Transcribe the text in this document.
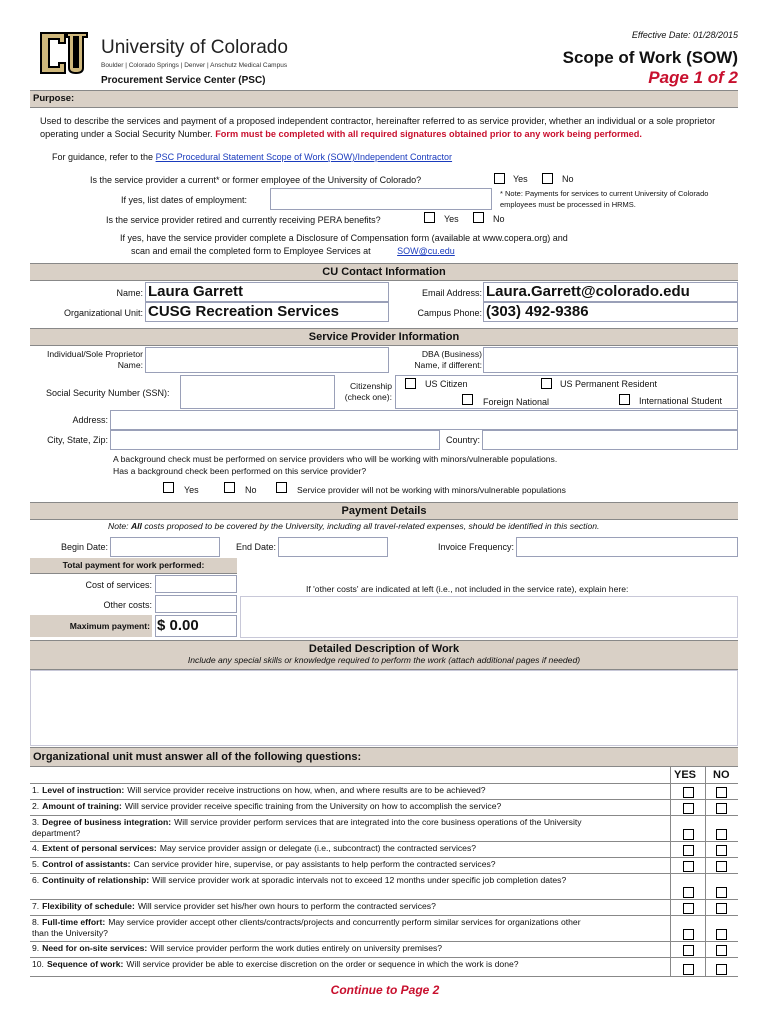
University of Colorado
Boulder | Colorado Springs | Denver | Anschutz Medical Campus
Procurement Service Center (PSC)
Effective Date: 01/28/2015
Scope of Work (SOW)
Page 1 of 2
Purpose:
Used to describe the services and payment of a proposed independent contractor, hereinafter referred to as service provider, whether an individual or a sole proprietor operating under a Social Security Number. Form must be completed with all required signatures obtained prior to any work being performed.
For guidance, refer to the PSC Procedural Statement Scope of Work (SOW)/Independent Contractor
Is the service provider a current* or former employee of the University of Colorado?	Yes	No
If yes, list dates of employment:
* Note: Payments for services to current University of Colorado employees must be processed in HRMS.
Is the service provider retired and currently receiving PERA benefits?	Yes	No
If yes, have the service provider complete a Disclosure of Compensation form (available at www.copera.org) and
scan and email the completed form to Employee Services at	SOW@cu.edu
CU Contact Information
Name: Laura Garrett
Organizational Unit: CUSG Recreation Services
Email Address: Laura.Garrett@colorado.edu
Campus Phone: (303) 492-9386
Service Provider Information
Individual/Sole Proprietor
Name:
DBA (Business)
Name, if different:
Social Security Number (SSN):
Citizenship
(check one):
US Citizen	US Permanent Resident
Foreign National	International Student
Address:
City, State, Zip:	Country:
A background check must be performed on service providers who will be working with minors/vulnerable populations.
Has a background check been performed on this service provider?
Yes	No	Service provider will not be working with minors/vulnerable populations
Payment Details
Note: All costs proposed to be covered by the University, including all travel-related expenses, should be identified in this section.
Begin Date:	End Date:	Invoice Frequency:
Total payment for work performed:
Cost of services:
Other costs:
Maximum payment: $ 0.00
If 'other costs' are indicated at left (i.e., not included in the service rate), explain here:
Detailed Description of Work
Include any special skills or knowledge required to perform the work (attach additional pages if needed)
Organizational unit must answer all of the following questions:
YES NO
1. Level of instruction: Will service provider receive instructions on how, when, and where results are to be achieved?
2. Amount of training: Will service provider receive specific training from the University on how to accomplish the service?
3. Degree of business integration: Will service provider perform services that are integrated into the core business operations of the University department?
4. Extent of personal services: May service provider assign or delegate (i.e., subcontract) the contracted services?
5. Control of assistants: Can service provider hire, supervise, or pay assistants to help perform the contracted services?
6. Continuity of relationship: Will service provider work at sporadic intervals not to exceed 12 months under specific job completion dates?
7. Flexibility of schedule: Will service provider set his/her own hours to perform the contracted services?
8. Full-time effort: May service provider accept other clients/contracts/projects and concurrently perform similar services for organizations other than the University?
9. Need for on-site services: Will service provider perform the work duties entirely on university premises?
10. Sequence of work: Will service provider be able to exercise discretion on the order or sequence in which the work is done?
Continue to Page 2
